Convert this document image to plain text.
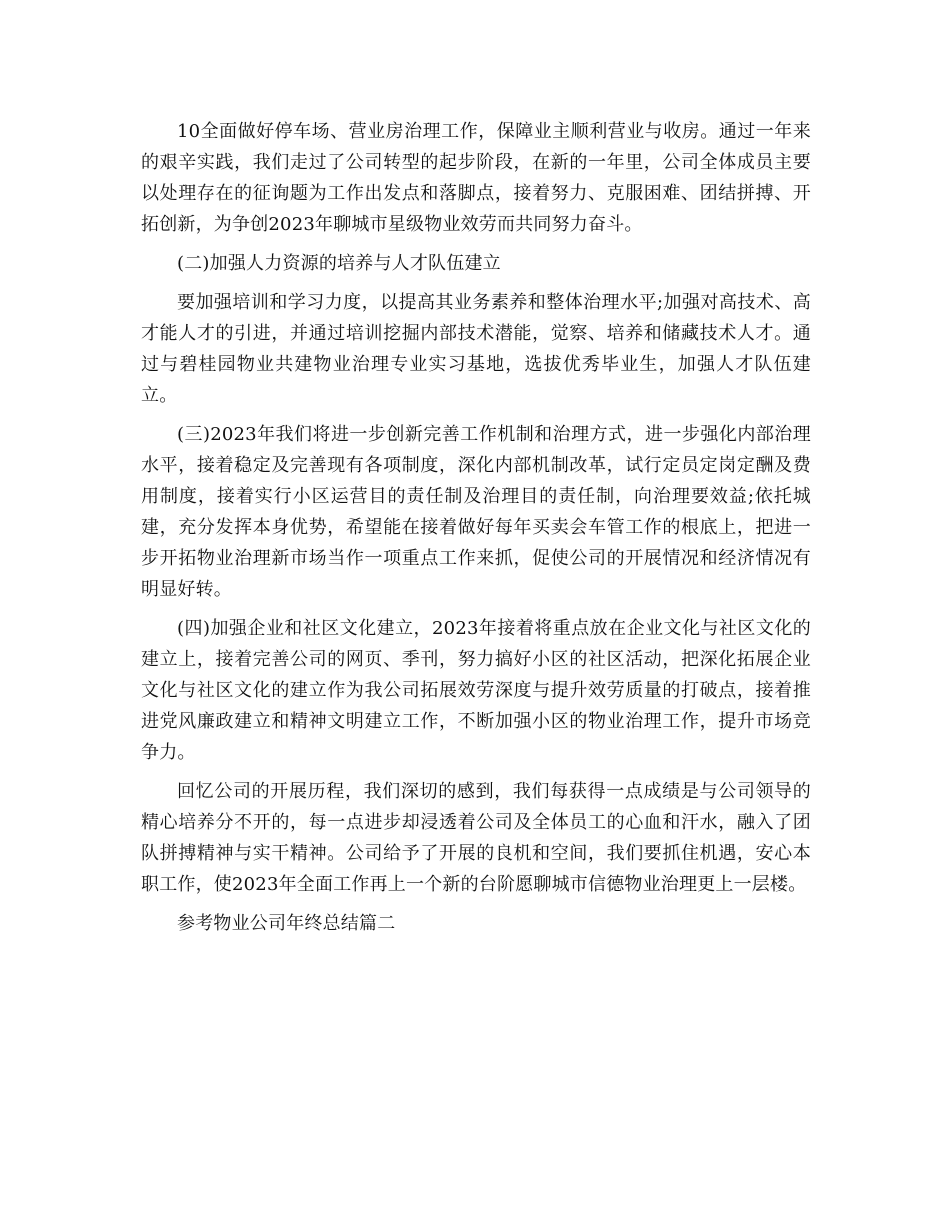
10全面做好停车场、营业房治理工作，保障业主顺利营业与收房。通过一年来的艰辛实践，我们走过了公司转型的起步阶段，在新的一年里，公司全体成员主要以处理存在的征询题为工作出发点和落脚点，接着努力、克服困难、团结拼搏、开拓创新，为争创2023年聊城市星级物业效劳而共同努力奋斗。

(二)加强人力资源的培养与人才队伍建立

要加强培训和学习力度，以提高其业务素养和整体治理水平;加强对高技术、高才能人才的引进，并通过培训挖掘内部技术潜能，觉察、培养和储藏技术人才。通过与碧桂园物业共建物业治理专业实习基地，选拔优秀毕业生，加强人才队伍建立。

(三)2023年我们将进一步创新完善工作机制和治理方式，进一步强化内部治理水平，接着稳定及完善现有各项制度，深化内部机制改革，试行定员定岗定酬及费用制度，接着实行小区运营目的责任制及治理目的责任制，向治理要效益;依托城建，充分发挥本身优势，希望能在接着做好每年买卖会车管工作的根底上，把进一步开拓物业治理新市场当作一项重点工作来抓，促使公司的开展情况和经济情况有明显好转。

(四)加强企业和社区文化建立，2023年接着将重点放在企业文化与社区文化的建立上，接着完善公司的网页、季刊，努力搞好小区的社区活动，把深化拓展企业文化与社区文化的建立作为我公司拓展效劳深度与提升效劳质量的打破点，接着推进党风廉政建立和精神文明建立工作，不断加强小区的物业治理工作，提升市场竞争力。

回忆公司的开展历程，我们深切的感到，我们每获得一点成绩是与公司领导的精心培养分不开的，每一点进步却浸透着公司及全体员工的心血和汗水，融入了团队拼搏精神与实干精神。公司给予了开展的良机和空间，我们要抓住机遇，安心本职工作，使2023年全面工作再上一个新的台阶愿聊城市信德物业治理更上一层楼。

参考物业公司年终总结篇二
